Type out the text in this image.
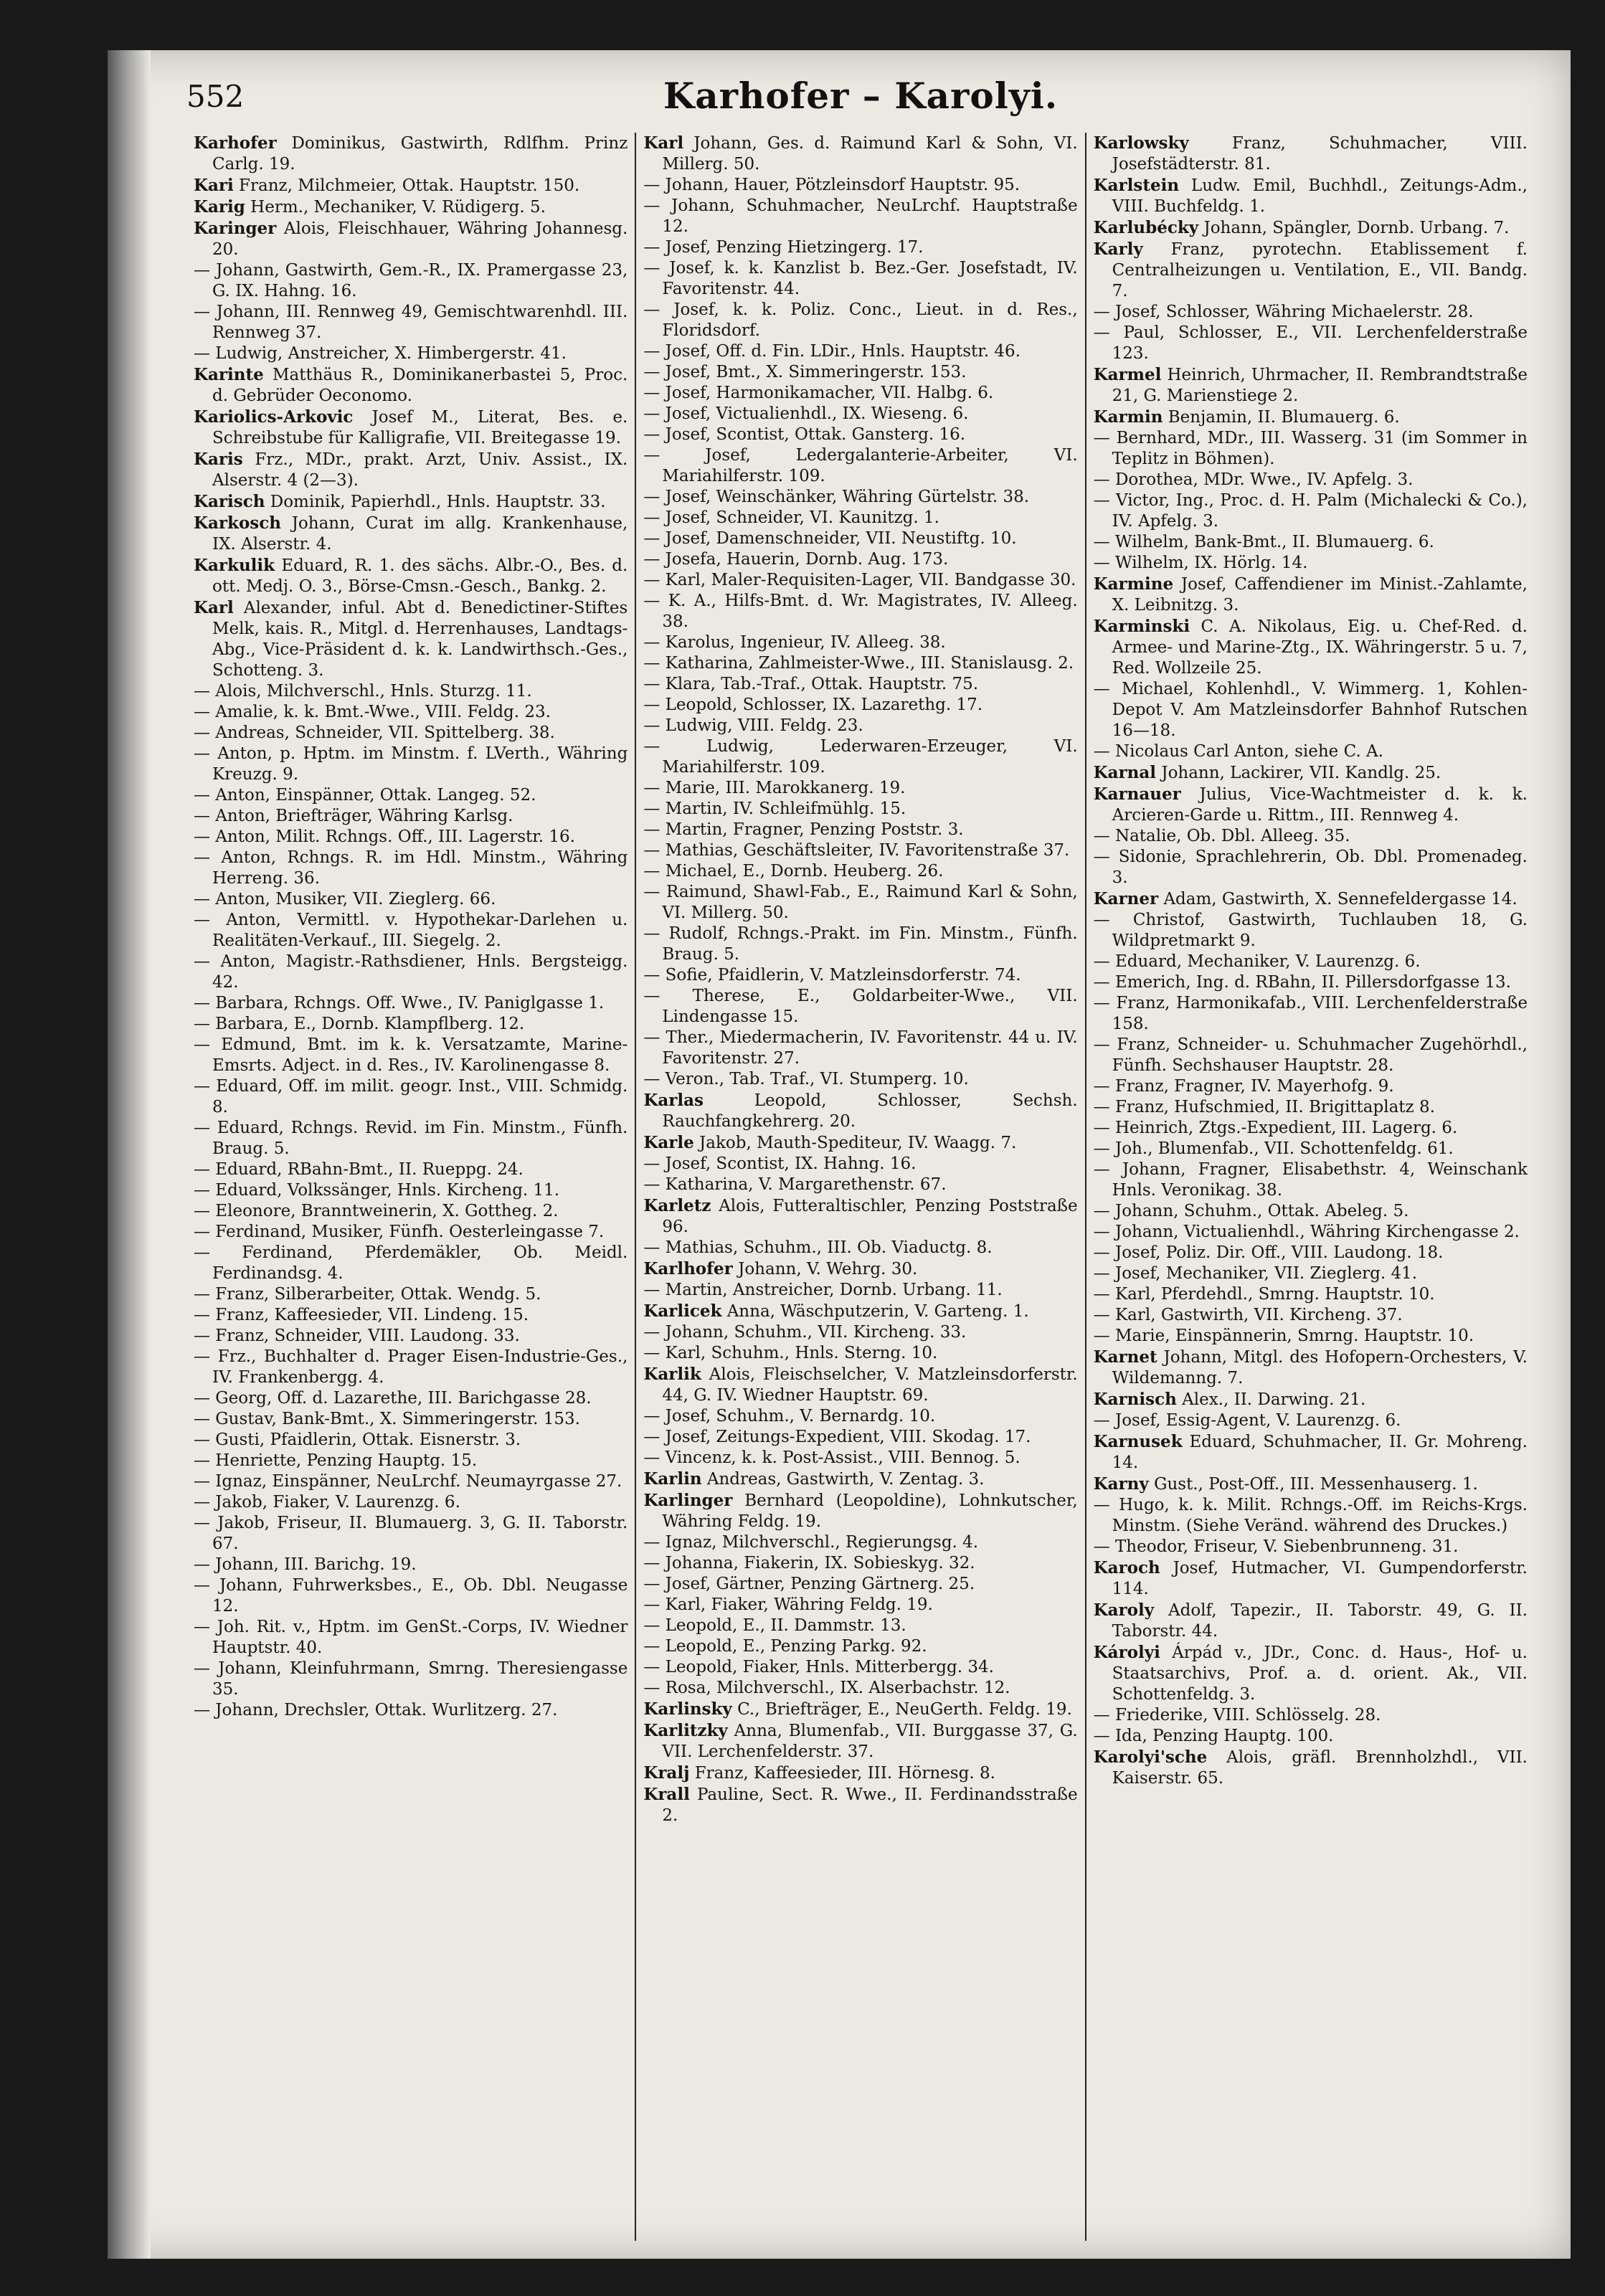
552	Karhofer – Karolyi.

Karhofer Dominikus, Gastwirth, Rdlfhm. Prinz Carlg. 19.

Kari Franz, Milchmeier, Ottak. Hauptstr. 150.

Karig Herm., Mechaniker, V. Rüdigerg. 5.

Karinger Alois, Fleischhauer, Währing Johannesg. 20.

— Johann, Gastwirth, Gem.-R., IX. Pramergasse 23, G. IX. Hahng. 16.

— Johann, III. Rennweg 49, Gemischtwarenhdl. III. Rennweg 37.

— Ludwig, Anstreicher, X. Himbergerstr. 41.

Karinte Matthäus R., Dominikanerbastei 5, Proc. d. Gebrüder Oeconomo.

Kariolics-Arkovic Josef M., Literat, Bes. e. Schreibstube für Kalligrafie, VII. Breitegasse 19.

Karis Frz., MDr., prakt. Arzt, Univ. Assist., IX. Alserstr. 4 (2—3).

Karisch Dominik, Papierhdl., Hnls. Hauptstr. 33.

Karkosch Johann, Curat im allg. Krankenhause, IX. Alserstr. 4.

Karkulik Eduard, R. 1. des sächs. Albr.-O., Bes. d. ott. Medj. O. 3., Börse-Cmsn.-Gesch., Bankg. 2.

Karl Alexander, inful. Abt d. Benedictiner-Stiftes Melk, kais. R., Mitgl. d. Herrenhauses, Landtags-Abg., Vice-Präsident d. k. k. Landwirthsch.-Ges., Schotteng. 3.

— Alois, Milchverschl., Hnls. Sturzg. 11.

— Amalie, k. k. Bmt.-Wwe., VIII. Feldg. 23.

— Andreas, Schneider, VII. Spittelberg. 38.

— Anton, p. Hptm. im Minstm. f. LVerth., Währing Kreuzg. 9.

— Anton, Einspänner, Ottak. Langeg. 52.

— Anton, Briefträger, Währing Karlsg.

— Anton, Milit. Rchngs. Off., III. Lagerstr. 16.

— Anton, Rchngs. R. im Hdl. Minstm., Währing Herreng. 36.

— Anton, Musiker, VII. Zieglerg. 66.

— Anton, Vermittl. v. Hypothekar-Darlehen u. Realitäten-Verkauf., III. Siegelg. 2.

— Anton, Magistr.-Rathsdiener, Hnls. Bergsteigg. 42.

— Barbara, Rchngs. Off. Wwe., IV. Paniglgasse 1.

— Barbara, E., Dornb. Klampflberg. 12.

— Edmund, Bmt. im k. k. Versatzamte, Marine-Emsrts. Adject. in d. Res., IV. Karolinengasse 8.

— Eduard, Off. im milit. geogr. Inst., VIII. Schmidg. 8.

— Eduard, Rchngs. Revid. im Fin. Minstm., Fünfh. Braug. 5.

— Eduard, RBahn-Bmt., II. Rueppg. 24.

— Eduard, Volkssänger, Hnls. Kircheng. 11.

— Eleonore, Branntweinerin, X. Gottheg. 2.

— Ferdinand, Musiker, Fünfh. Oesterleingasse 7.

— Ferdinand, Pferdemäkler, Ob. Meidl. Ferdinandsg. 4.

— Franz, Silberarbeiter, Ottak. Wendg. 5.

— Franz, Kaffeesieder, VII. Lindeng. 15.

— Franz, Schneider, VIII. Laudong. 33.

— Frz., Buchhalter d. Prager Eisen-Industrie-Ges., IV. Frankenbergg. 4.

— Georg, Off. d. Lazarethe, III. Barichgasse 28.

— Gustav, Bank-Bmt., X. Simmeringerstr. 153.

— Gusti, Pfaidlerin, Ottak. Eisnerstr. 3.

— Henriette, Penzing Hauptg. 15.

— Ignaz, Einspänner, NeuLrchf. Neumayrgasse 27.

— Jakob, Fiaker, V. Laurenzg. 6.

— Jakob, Friseur, II. Blumauerg. 3, G. II. Taborstr. 67.

— Johann, III. Barichg. 19.

— Johann, Fuhrwerksbes., E., Ob. Dbl. Neugasse 12.

— Joh. Rit. v., Hptm. im GenSt.-Corps, IV. Wiedner Hauptstr. 40.

— Johann, Kleinfuhrmann, Smrng. Theresiengasse 35.

— Johann, Drechsler, Ottak. Wurlitzerg. 27.

Karl Johann, Ges. d. Raimund Karl & Sohn, VI. Millerg. 50.

— Johann, Hauer, Pötzleinsdorf Hauptstr. 95.

— Johann, Schuhmacher, NeuLrchf. Hauptstraße 12.

— Josef, Penzing Hietzingerg. 17.

— Josef, k. k. Kanzlist b. Bez.-Ger. Josefstadt, IV. Favoritenstr. 44.

— Josef, k. k. Poliz. Conc., Lieut. in d. Res., Floridsdorf.

— Josef, Off. d. Fin. LDir., Hnls. Hauptstr. 46.

— Josef, Bmt., X. Simmeringerstr. 153.

— Josef, Harmonikamacher, VII. Halbg. 6.

— Josef, Victualienhdl., IX. Wieseng. 6.

— Josef, Scontist, Ottak. Gansterg. 16.

— Josef, Ledergalanterie-Arbeiter, VI. Mariahilferstr. 109.

— Josef, Weinschänker, Währing Gürtelstr. 38.

— Josef, Schneider, VI. Kaunitzg. 1.

— Josef, Damenschneider, VII. Neustiftg. 10.

— Josefa, Hauerin, Dornb. Aug. 173.

— Karl, Maler-Requisiten-Lager, VII. Bandgasse 30.

— K. A., Hilfs-Bmt. d. Wr. Magistrates, IV. Alleeg. 38.

— Karolus, Ingenieur, IV. Alleeg. 38.

— Katharina, Zahlmeister-Wwe., III. Stanislausg. 2.

— Klara, Tab.-Traf., Ottak. Hauptstr. 75.

— Leopold, Schlosser, IX. Lazarethg. 17.

— Ludwig, VIII. Feldg. 23.

— Ludwig, Lederwaren-Erzeuger, VI. Mariahilferstr. 109.

— Marie, III. Marokkanerg. 19.

— Martin, IV. Schleifmühlg. 15.

— Martin, Fragner, Penzing Poststr. 3.

— Mathias, Geschäftsleiter, IV. Favoritenstraße 37.

— Michael, E., Dornb. Heuberg. 26.

— Raimund, Shawl-Fab., E., Raimund Karl & Sohn, VI. Millerg. 50.

— Rudolf, Rchngs.-Prakt. im Fin. Minstm., Fünfh. Braug. 5.

— Sofie, Pfaidlerin, V. Matzleinsdorferstr. 74.

— Therese, E., Goldarbeiter-Wwe., VII. Lindengasse 15.

— Ther., Miedermacherin, IV. Favoritenstr. 44 u. IV. Favoritenstr. 27.

— Veron., Tab. Traf., VI. Stumperg. 10.

Karlas Leopold, Schlosser, Sechsh. Rauchfangkehrerg. 20.

Karle Jakob, Mauth-Spediteur, IV. Waagg. 7.

— Josef, Scontist, IX. Hahng. 16.

— Katharina, V. Margarethenstr. 67.

Karletz Alois, Futteraltischler, Penzing Poststraße 96.

— Mathias, Schuhm., III. Ob. Viaductg. 8.

Karlhofer Johann, V. Wehrg. 30.

— Martin, Anstreicher, Dornb. Urbang. 11.

Karlicek Anna, Wäschputzerin, V. Garteng. 1.

— Johann, Schuhm., VII. Kircheng. 33.

— Karl, Schuhm., Hnls. Sterng. 10.

Karlik Alois, Fleischselcher, V. Matzleinsdorferstr. 44, G. IV. Wiedner Hauptstr. 69.

— Josef, Schuhm., V. Bernardg. 10.

— Josef, Zeitungs-Expedient, VIII. Skodag. 17.

— Vincenz, k. k. Post-Assist., VIII. Bennog. 5.

Karlin Andreas, Gastwirth, V. Zentag. 3.

Karlinger Bernhard (Leopoldine), Lohnkutscher, Währing Feldg. 19.

— Ignaz, Milchverschl., Regierungsg. 4.

— Johanna, Fiakerin, IX. Sobieskyg. 32.

— Josef, Gärtner, Penzing Gärtnerg. 25.

— Karl, Fiaker, Währing Feldg. 19.

— Leopold, E., II. Dammstr. 13.

— Leopold, E., Penzing Parkg. 92.

— Leopold, Fiaker, Hnls. Mitterbergg. 34.

— Rosa, Milchverschl., IX. Alserbachstr. 12.

Karlinsky C., Briefträger, E., NeuGerth. Feldg. 19.

Karlitzky Anna, Blumenfab., VII. Burggasse 37, G. VII. Lerchenfelderstr. 37.

Kralj Franz, Kaffeesieder, III. Hörnesg. 8.

Krall Pauline, Sect. R. Wwe., II. Ferdinandsstraße 2.

Karlowsky Franz, Schuhmacher, VIII. Josefstädterstr. 81.

Karlstein Ludw. Emil, Buchhdl., Zeitungs-Adm., VIII. Buchfeldg. 1.

Karlubécky Johann, Spängler, Dornb. Urbang. 7.

Karly Franz, pyrotechn. Etablissement f. Centralheizungen u. Ventilation, E., VII. Bandg. 7.

— Josef, Schlosser, Währing Michaelerstr. 28.

— Paul, Schlosser, E., VII. Lerchenfelderstraße 123.

Karmel Heinrich, Uhrmacher, II. Rembrandtstraße 21, G. Marienstiege 2.

Karmin Benjamin, II. Blumauerg. 6.

— Bernhard, MDr., III. Wasserg. 31 (im Sommer in Teplitz in Böhmen).

— Dorothea, MDr. Wwe., IV. Apfelg. 3.

— Victor, Ing., Proc. d. H. Palm (Michalecki & Co.), IV. Apfelg. 3.

— Wilhelm, Bank-Bmt., II. Blumauerg. 6.

— Wilhelm, IX. Hörlg. 14.

Karmine Josef, Caffendiener im Minist.-Zahlamte, X. Leibnitzg. 3.

Karminski C. A. Nikolaus, Eig. u. Chef-Red. d. Armee- und Marine-Ztg., IX. Währingerstr. 5 u. 7, Red. Wollzeile 25.

— Michael, Kohlenhdl., V. Wimmerg. 1, Kohlen-Depot V. Am Matzleinsdorfer Bahnhof Rutschen 16—18.

— Nicolaus Carl Anton, siehe C. A.

Karnal Johann, Lackirer, VII. Kandlg. 25.

Karnauer Julius, Vice-Wachtmeister d. k. k. Arcieren-Garde u. Rittm., III. Rennweg 4.

— Natalie, Ob. Dbl. Alleeg. 35.

— Sidonie, Sprachlehrerin, Ob. Dbl. Promenadeg. 3.

Karner Adam, Gastwirth, X. Sennefeldergasse 14.

— Christof, Gastwirth, Tuchlauben 18, G. Wildpretmarkt 9.

— Eduard, Mechaniker, V. Laurenzg. 6.

— Emerich, Ing. d. RBahn, II. Pillersdorfgasse 13.

— Franz, Harmonikafab., VIII. Lerchenfelderstraße 158.

— Franz, Schneider- u. Schuhmacher Zugehörhdl., Fünfh. Sechshauser Hauptstr. 28.

— Franz, Fragner, IV. Mayerhofg. 9.

— Franz, Hufschmied, II. Brigittaplatz 8.

— Heinrich, Ztgs.-Expedient, III. Lagerg. 6.

— Joh., Blumenfab., VII. Schottenfeldg. 61.

— Johann, Fragner, Elisabethstr. 4, Weinschank Hnls. Veronikag. 38.

— Johann, Schuhm., Ottak. Abeleg. 5.

— Johann, Victualienhdl., Währing Kirchengasse 2.

— Josef, Poliz. Dir. Off., VIII. Laudong. 18.

— Josef, Mechaniker, VII. Zieglerg. 41.

— Karl, Pferdehdl., Smrng. Hauptstr. 10.

— Karl, Gastwirth, VII. Kircheng. 37.

— Marie, Einspännerin, Smrng. Hauptstr. 10.

Karnet Johann, Mitgl. des Hofopern-Orchesters, V. Wildemanng. 7.

Karnisch Alex., II. Darwing. 21.

— Josef, Essig-Agent, V. Laurenzg. 6.

Karnusek Eduard, Schuhmacher, II. Gr. Mohreng. 14.

Karny Gust., Post-Off., III. Messenhauserg. 1.

— Hugo, k. k. Milit. Rchngs.-Off. im Reichs-Krgs. Minstm. (Siehe Veränd. während des Druckes.)

— Theodor, Friseur, V. Siebenbrunneng. 31.

Karoch Josef, Hutmacher, VI. Gumpendorferstr. 114.

Karoly Adolf, Tapezir., II. Taborstr. 49, G. II. Taborstr. 44.

Károlyi Árpád v., JDr., Conc. d. Haus-, Hof- u. Staatsarchivs, Prof. a. d. orient. Ak., VII. Schottenfeldg. 3.

— Friederike, VIII. Schlösselg. 28.

— Ida, Penzing Hauptg. 100.

Karolyi'sche Alois, gräfl. Brennholzhdl., VII. Kaiserstr. 65.
